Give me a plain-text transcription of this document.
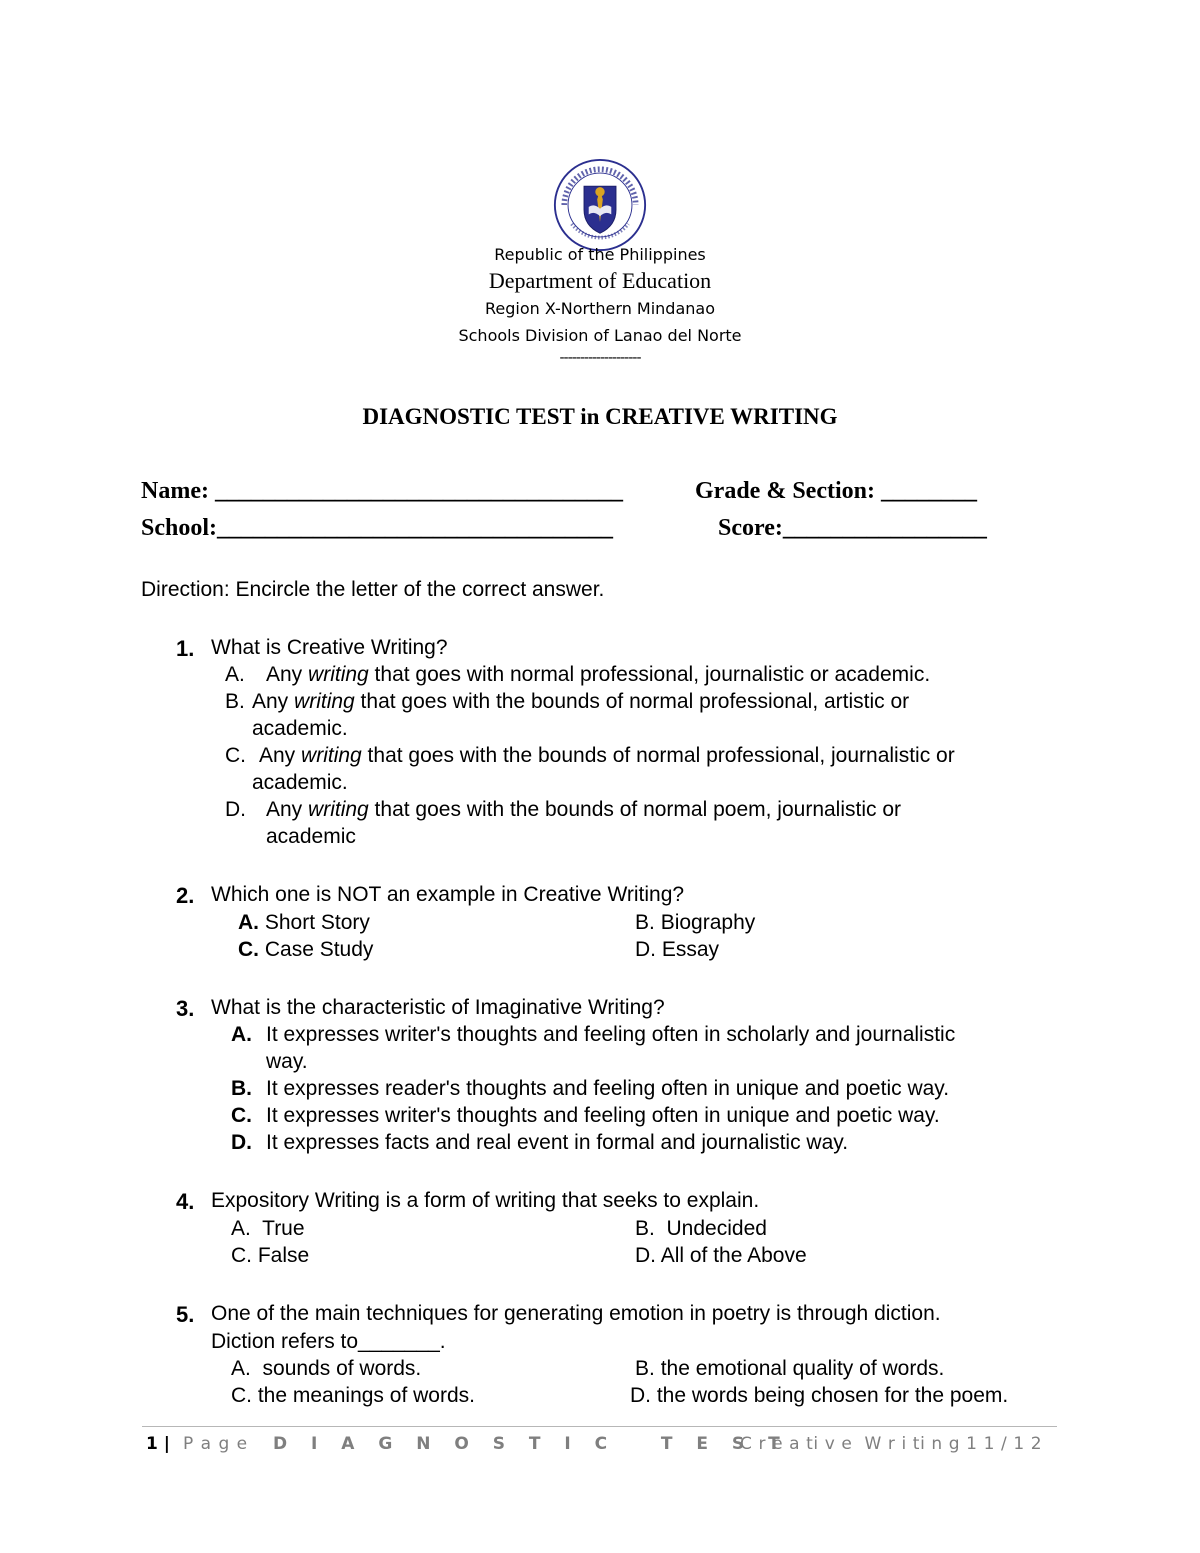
Republic of the Philippines
Department of Education
Region X-Northern Mindanao
Schools Division of Lanao del Norte
--------------------
DIAGNOSTIC TEST in CREATIVE WRITING
Name: __________________________________	Grade & Section: ________
School:_________________________________	Score:_________________
Direction: Encircle the letter of the correct answer.
1. What is Creative Writing?
A. Any writing that goes with normal professional, journalistic or academic.
B. Any writing that goes with the bounds of normal professional, artistic or
academic.
C. Any writing that goes with the bounds of normal professional, journalistic or
academic.
D. Any writing that goes with the bounds of normal poem, journalistic or
academic
2. Which one is NOT an example in Creative Writing?
A. Short Story	B. Biography
C. Case Study	D. Essay
3. What is the characteristic of Imaginative Writing?
A. It expresses writer's thoughts and feeling often in scholarly and journalistic
way.
B. It expresses reader's thoughts and feeling often in unique and poetic way.
C. It expresses writer's thoughts and feeling often in unique and poetic way.
D. It expresses facts and real event in formal and journalistic way.
4. Expository Writing is a form of writing that seeks to explain.
A. True	B. Undecided
C. False	D. All of the Above
5. One of the main techniques for generating emotion in poetry is through diction.
Diction refers to_______.
A. sounds of words.	B. the emotional quality of words.
C. the meanings of words.	D. the words being chosen for the poem.
1 | P a g e D I A G N O S T I C   T E S T
C r e a ti v e  W r i ti n g 1 1 / 1 2
